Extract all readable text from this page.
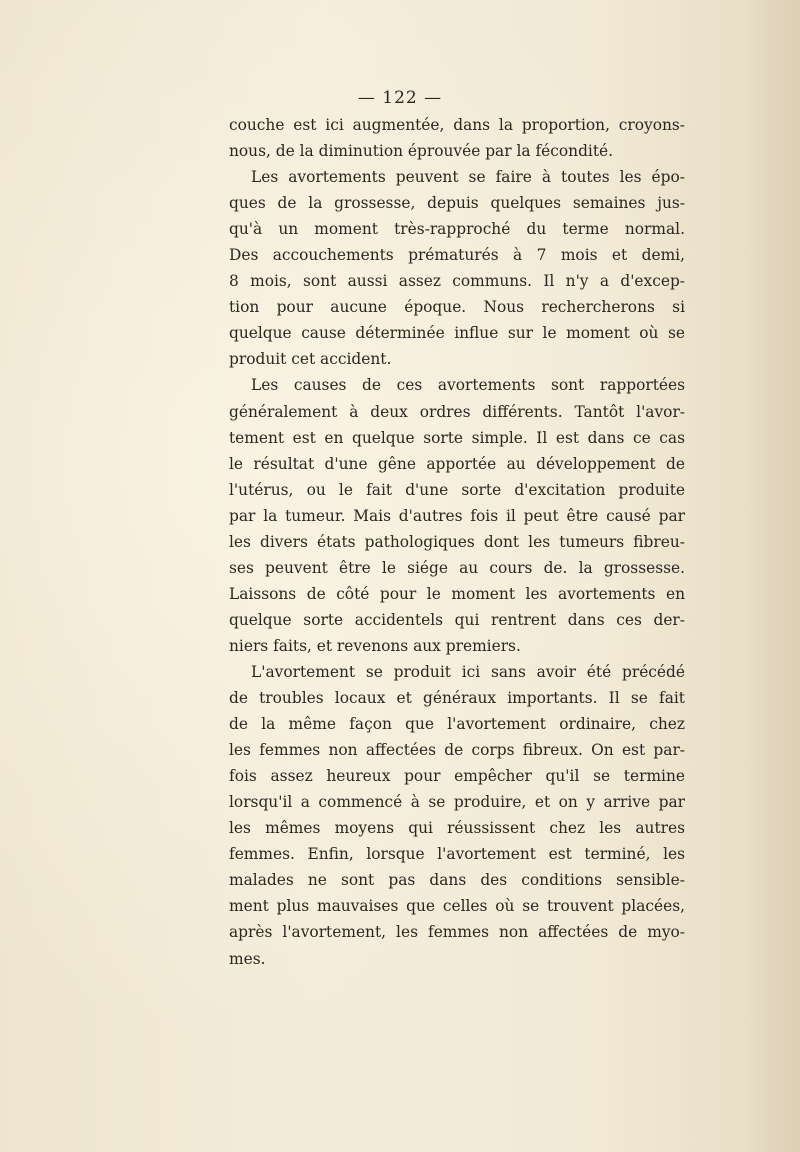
— 122 —
couche est ici augmentée, dans la proportion, croyons-
nous, de la diminution éprouvée par la fécondité.
Les avortements peuvent se faire à toutes les épo-
ques de la grossesse, depuis quelques semaines jus-
qu'à un moment très-rapproché du terme normal.
Des accouchements prématurés à 7 mois et demi,
8 mois, sont aussi assez communs. Il n'y a d'excep-
tion pour aucune époque. Nous rechercherons si
quelque cause déterminée influe sur le moment où se
produit cet accident.
Les causes de ces avortements sont rapportées
généralement à deux ordres différents. Tantôt l'avor-
tement est en quelque sorte simple. Il est dans ce cas
le résultat d'une gêne apportée au développement de
l'utérus, ou le fait d'une sorte d'excitation produite
par la tumeur. Mais d'autres fois il peut être causé par
les divers états pathologiques dont les tumeurs fibreu-
ses peuvent être le siége au cours de. la grossesse.
Laissons de côté pour le moment les avortements en
quelque sorte accidentels qui rentrent dans ces der-
niers faits, et revenons aux premiers.
L'avortement se produit ici sans avoir été précédé
de troubles locaux et généraux importants. Il se fait
de la même façon que l'avortement ordinaire, chez
les femmes non affectées de corps fibreux. On est par-
fois assez heureux pour empêcher qu'il se termine
lorsqu'il a commencé à se produire, et on y arrive par
les mêmes moyens qui réussissent chez les autres
femmes. Enfin, lorsque l'avortement est terminé, les
malades ne sont pas dans des conditions sensible-
ment plus mauvaises que celles où se trouvent placées,
après l'avortement, les femmes non affectées de myo-
mes.
